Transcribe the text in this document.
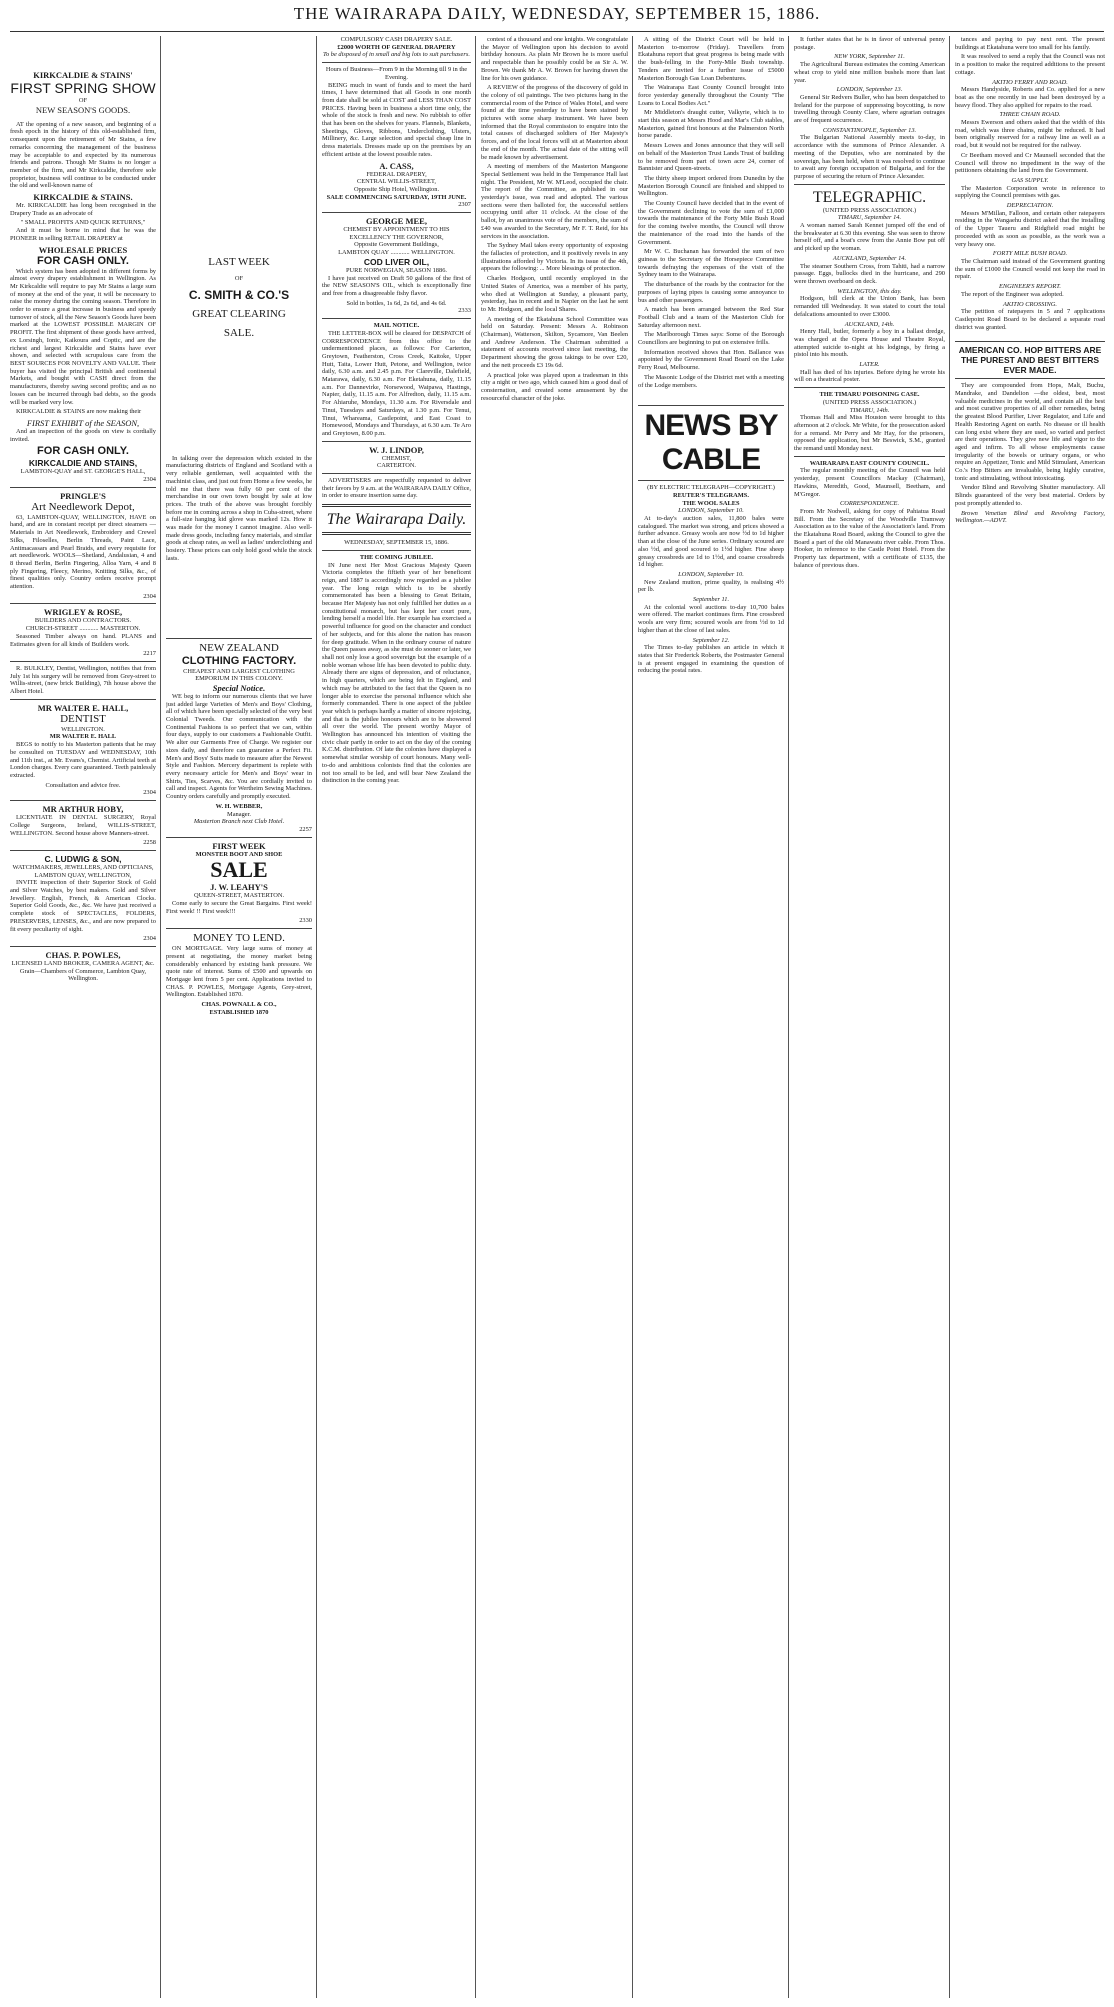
THE WAIRARAPA DAILY, WEDNESDAY, SEPTEMBER 15, 1886.
KIRKCALDIE & STAINS'
FIRST SPRING SHOW
OF
NEW SEASON'S GOODS.

AT the opening of a new season, and beginning of a fresh epoch in the history of this old-established firm, consequent upon the retirement of Mr Stains, a few remarks concerning the management of the business may be acceptable to and expected by its numerous friends and patrons. Though Mr Stains is no longer a member of the firm, and Mr Kirkcaldie, therefore sole proprietor, business will continue to be conducted under the old and well-known name of

KIRKCALDIE & STAINS.

Mr. KIRKCALDIE has long been recognised in the Drapery Trade as an advocate of

" SMALL PROFITS AND QUICK RETURNS,"

And it must be borne in mind that he was the PIONEER in selling RETAIL DRAPERY at

WHOLESALE PRICES
FOR CASH ONLY.

Which system has been adopted in different forms by almost every drapery establishment in Wellington. As Mr Kirkcaldie will require to pay Mr Stains a large sum of money at the end of the year, it will be necessary to raise the money during the coming season. Therefore in order to ensure a great increase in business and speedy turnover of stock, all the New Season's Goods have been marked at the LOWEST POSSIBLE MARGIN OF PROFIT. The first shipment of these goods have arrived, ex Lorsingh, Ionic, Kaikoura and Coptic, and are the richest and largest Kirkcaldie and Stains have ever shown, and selected with scrupulous care from the BEST SOURCES FOR NOVELTY AND VALUE. Their buyer has visited the principal British and continental Markets, and bought with CASH direct from the manufacturers, thereby saving second profits; and as no losses can be incurred through bad debts, so the goods will be marked very low.

KIRKCALDIE & STAINS are now making their

FIRST EXHIBIT of the SEASON,

And an inspection of the goods on view is cordially invited.

FOR CASH ONLY.
KIRKCALDIE AND STAINS,
LAMBTON-QUAY and ST. GEORGE'S HALL,
2304
PRINGLE'S
Art Needlework Depot,

63, LAMBTON-QUAY, WELLINGTON, HAVE on hand, and are in constant receipt per direct steamers — Materials in Art Needlework, Embroidery and Crewel Silks, Filoselles, Berlin Threads, Paint Lace, Antimacassars and Pearl Braids, and every requisite for art needlework. WOOLS—Shetland, Andalusian, 4 and 8 thread Berlin, Berlin Fingering, Alloa Yarn, 4 and 8 ply Fingering, Fleecy, Merino, Knitting Silks, &c., of finest qualities only. Country orders receive prompt attention.

2304
WRIGLEY & ROSE,
BUILDERS AND CONTRACTORS.
CHURCH-STREET ............ MASTERTON.

Seasoned Timber always on hand. PLANS and Estimates given for all kinds of Builders work.

2217

R. BULKLEY, Dentist, Wellington, notifies that from July 1st his surgery will be removed from Grey-street to Willis-street, (new brick Building), 7th house above the Albert Hotel.

MR WALTER E. HALL,
DENTIST
WELLINGTON.
MR WALTER E. HALL

BEGS to notify to his Masterton patients that he may be consulted on TUESDAY and WEDNESDAY, 10th and 11th inst., at Mr. Evans's, Chemist. Artificial teeth at London charges. Every care guaranteed. Teeth painlessly extracted.

Consultation and advice free.
2304
MR ARTHUR HOBY,

LICENTIATE IN DENTAL SURGERY, Royal College Surgeons, Ireland, WILLIS-STREET, WELLINGTON. Second house above Manners-street.

2258
C. LUDWIG & SON,
WATCHMAKERS, JEWELLERS, AND OPTICIANS,
LAMBTON QUAY, WELLINGTON,

INVITE inspection of their Superior Stock of Gold and Silver Watches, by best makers. Gold and Silver Jewellery. English, French, & American Clocks. Superior Gold Goods, &c., &c. We have just received a complete stock of SPECTACLES, FOLDERS, PRESERVERS, LENSES, &c., and are now prepared to fit every peculiarity of sight.

2304
CHAS. P. POWLES,
LICENSED LAND BROKER, CAMERA AGENT, &c.
Grain—Chambers of Commerce, Lambton Quay, Wellington.
LAST WEEK
OF
C. SMITH & CO.'S
GREAT CLEARING
SALE.

In talking over the depression which existed in the manufacturing districts of England and Scotland with a very reliable gentleman, well acquainted with the machinist class, and just out from Home a few weeks, he told me that there was fully 60 per cent of the merchandise in our own town bought by sale at low prices. The truth of the above was brought forcibly before me in coming across a shop in Cuba-street, where a full-size hanging kid glove was marked 12s. How it was made for the money I cannot imagine. Also well-made dress goods, including fancy materials, and similar goods at cheap rates, as well as ladies' underclothing and hosiery. These prices can only hold good while the stock lasts.

NEW ZEALAND
CLOTHING FACTORY.
CHEAPEST AND LARGEST CLOTHING EMPORIUM IN THIS COLONY.
Special Notice.

WE beg to inform our numerous clients that we have just added large Varieties of Men's and Boys' Clothing, all of which have been specially selected of the very best Colonial Tweeds. Our communication with the Continental Fashions is so perfect that we can, within four days, supply to our customers a Fashionable Outfit. We alter our Garments Free of Charge. We register our sizes daily, and therefore can guarantee a Perfect Fit. Men's and Boys' Suits made to measure after the Newest Style and Fashion. Mercery department is replete with every necessary article for Men's and Boys' wear in Shirts, Ties, Scarves, &c. You are cordially invited to call and inspect. Agents for Wertheim Sewing Machines. Country orders carefully and promptly executed.

W. H. WEBBER,
Manager.
Masterton Branch next Club Hotel.
2257
FIRST WEEK
MONSTER BOOT AND SHOE
SALE
J. W. LEAHY'S
QUEEN-STREET, MASTERTON.

Come early to secure the Great Bargains. First week! First week! !! First week!!!

2330
MONEY TO LEND.

ON MORTGAGE. Very large sums of money at present at negotiating, the money market being considerably enhanced by existing bank pressure. We quote rate of interest. Sums of £500 and upwards on Mortgage lent from 5 per cent. Applications invited to CHAS. P. POWLES, Mortgage Agents, Grey-street, Wellington. Established 1870.

CHAS. POWNALL & CO.,
ESTABLISHED 1870
COMPULSORY CASH DRAPERY SALE.
£2000 WORTH OF GENERAL DRAPERY
To be disposed of in small and big lots to suit purchasers.
Hours of Business—From 9 in the Morning till 9 in the Evening.

BEING much in want of funds and to meet the hard times, I have determined that all Goods in one month from date shall be sold at COST and LESS THAN COST PRICES. Having been in business a short time only, the whole of the stock is fresh and new. No rubbish to offer that has been on the shelves for years. Flannels, Blankets, Sheetings, Gloves, Ribbons, Underclothing, Ulsters, Millinery, &c. Large selection and special cheap line in dress materials. Dresses made up on the premises by an efficient artiste at the lowest possible rates.

A. CASS,
FEDERAL DRAPERY,
CENTRAL WILLIS-STREET,
Opposite Ship Hotel, Wellington.
SALE COMMENCING SATURDAY, 19TH JUNE.
2307
GEORGE MEE,
CHEMIST BY APPOINTMENT TO HIS EXCELLENCY THE GOVERNOR,
Opposite Government Buildings,
LAMBTON QUAY ............ WELLINGTON.
COD LIVER OIL,
PURE NORWEGIAN, SEASON 1886.

I have just received on Draft 50 gallons of the first of the NEW SEASON'S OIL, which is exceptionally fine and free from a disagreeable fishy flavor.

Sold in bottles, 1s 6d, 2s 6d, and 4s 6d.
2333
MAIL NOTICE.

THE LETTER-BOX will be cleared for DESPATCH of CORRESPONDENCE from this office to the undermentioned places, as follows: For Carterton, Greytown, Featherston, Cross Creek, Kaitoke, Upper Hutt, Taita, Lower Hutt, Petone, and Wellington, twice daily, 6.30 a.m. and 2.45 p.m. For Clareville, Dalefield, Matarawa, daily, 6.30 a.m. For Eketahuna, daily, 11.15 a.m. For Dannevirke, Norsewood, Waipawa, Hastings, Napier, daily, 11.15 a.m. For Alfredton, daily, 11.15 a.m. For Ahiaruhe, Mondays, 11.30 a.m. For Riversdale and Tinui, Tuesdays and Saturdays, at 1.30 p.m. For Tenui, Tinui, Whareama, Castlepoint, and East Coast to Homewood, Mondays and Thursdays, at 6.30 a.m. Te Aro and Greytown, 8.00 p.m.

W. J. LINDOP,
CHEMIST,
CARTERTON.

ADVERTISERS are respectfully requested to deliver their favors by 9 a.m. at the WAIRARAPA DAILY Office, in order to ensure insertion same day.

The Wairarapa Daily.
WEDNESDAY, SEPTEMBER 15, 1886.
THE COMING JUBILEE.

IN June next Her Most Gracious Majesty Queen Victoria completes the fiftieth year of her beneficent reign, and 1887 is accordingly now regarded as a jubilee year. The long reign which is to be shortly commemorated has been a blessing to Great Britain, because Her Majesty has not only fulfilled her duties as a constitutional monarch, but has kept her court pure, lending herself a model life. Her example has exercised a powerful influence for good on the character and conduct of her subjects, and for this alone the nation has reason for deep gratitude. When in the ordinary course of nature the Queen passes away, as she must do sooner or later, we shall not only lose a good sovereign but the example of a noble woman whose life has been devoted to public duty. Already there are signs of depression, and of reluctance, in high quarters, which are being felt in England, and which may be attributed to the fact that the Queen is no longer able to exercise the personal influence which she formerly commanded. There is one aspect of the jubilee year which is perhaps hardly a matter of sincere rejoicing, and that is the jubilee honours which are to be showered all over the world. The present worthy Mayor of Wellington has announced his intention of visiting the civic chair partly in order to act on the day of the coming K.C.M. distribution. Of late the colonies have displayed a somewhat similar worship of court honours. Many well-to-do and ambitious colonists find that the colonies are not too small to be led, and will bear New Zealand the distinction in the coming year.

contest of a thousand and one knights. We congratulate the Mayor of Wellington upon his decision to avoid birthday honours. As plain Mr Brown he is more useful and respectable than he possibly could be as Sir A. W. Brown. We thank Mr A. W. Brown for having drawn the line for his own guidance.

A REVIEW of the progress of the discovery of gold in the colony of oil paintings. The two pictures hang in the commercial room of the Prince of Wales Hotel, and were found at the time yesterday to have been stained by pictures with some sharp instrument. We have been informed that the Royal commission to enquire into the total causes of discharged soldiers of Her Majesty's forces, and of the local forces will sit at Masterton about the end of the month. The actual date of the sitting will be made known by advertisement.

A meeting of members of the Masterton Mangaone Special Settlement was held in the Temperance Hall last night. The President, Mr W. M'Leod, occupied the chair. The report of the Committee, as published in our yesterday's issue, was read and adopted. The various sections were then balloted for, the successful settlers occupying until after 11 o'clock. At the close of the ballot, by an unanimous vote of the members, the sum of £40 was awarded to the Secretary, Mr F. T. Reid, for his services in the association.

The Sydney Mail takes every opportunity of exposing the fallacies of protection, and it positively revels in any illustrations afforded by Victoria. In its issue of the 4th, appears the following: ... More blessings of protection.

Charles Hodgson, until recently employed in the United States of America, was a member of his party, who died at Wellington at Sunday, a pleasant party, yesterday, has in recent and in Napier on the last he sent to Mr. Hodgson, and the local Shares.

A meeting of the Ekatahuna School Committee was held on Saturday. Present: Messrs A. Robinson (Chairman), Watterson, Skilton, Sycamore, Van Beelen and Andrew Anderson. The Chairman submitted a statement of accounts received since last meeting, the Department showing the gross takings to be over £20, and the nett proceeds £3 19s 6d.

A practical joke was played upon a tradesman in this city a night or two ago, which caused him a good deal of consternation, and created some amusement by the resourceful character of the joke.

A sitting of the District Court will be held in Masterton to-morrow (Friday). Travellers from Ekatahuna report that great progress is being made with the bush-felling in the Forty-Mile Bush township. Tenders are invited for a further issue of £5000 Masterton Borough Gas Loan Debentures.

The Wairarapa East County Council brought into force yesterday generally throughout the County "The Loans to Local Bodies Act."

Mr Middleton's draught cutter, Valkyrie, which is to start this season at Messrs Hood and Mar's Club stables, Masterton, gained first honours at the Palmerston North horse parade.

Messrs Lowes and Jones announce that they will sell on behalf of the Masterton Trust Lands Trust of building to be removed from part of town acre 24, corner of Bannister and Queen-streets.

The thirty sheep import ordered from Dunedin by the Masterton Borough Council are finished and shipped to Wellington.

The County Council have decided that in the event of the Government declining to vote the sum of £1,000 towards the maintenance of the Forty Mile Bush Road for the coming twelve months, the Council will throw the maintenance of the road into the hands of the Government.

Mr W. C. Buchanan has forwarded the sum of two guineas to the Secretary of the Horsepiece Committee towards defraying the expenses of the visit of the Sydney team to the Wairarapa.

The disturbance of the roads by the contractor for the purposes of laying pipes is causing some annoyance to bus and other passengers.

A match has been arranged between the Red Star Football Club and a team of the Masterton Club for Saturday afternoon next.

The Marlborough Times says: Some of the Borough Councillors are beginning to put on extensive frills.

Information received shows that Hon. Ballance was appointed by the Government Road Board on the Lake Ferry Road, Melbourne.

The Masonic Lodge of the District met with a meeting of the Lodge members.

NEWS BY CABLE
(BY ELECTRIC TELEGRAPH—COPYRIGHT.)
REUTER'S TELEGRAMS.
THE WOOL SALES
LONDON, September 10.

At to-day's auction sales, 11,800 bales were catalogued. The market was strong, and prices showed a further advance. Greasy wools are now ½d to 1d higher than at the close of the June series. Ordinary scoured are also ½d, and good scoured to 1½d higher. Fine sheep greasy crossbreds are 1d to 1½d, and coarse crossbreds 1d higher.

LONDON, September 10.

New Zealand mutton, prime quality, is realising 4½ per lb.

September 11.

At the colonial wool auctions to-day 10,700 bales were offered. The market continues firm. Fine crossbred wools are very firm; scoured wools are from ½d to 1d higher than at the close of last sales.

September 12.

The Times to-day publishes an article in which it states that Sir Frederick Roberts, the Postmaster General is at present engaged in examining the question of reducing the postal rates.

It further states that he is in favor of universal penny postage.

NEW YORK, September 11.

The Agricultural Bureau estimates the coming American wheat crop to yield nine million bushels more than last year.

LONDON, September 13.

General Sir Redvers Buller, who has been despatched to Ireland for the purpose of suppressing boycotting, is now travelling through County Clare, where agrarian outrages are of frequent occurrence.

CONSTANTINOPLE, September 13.

The Bulgarian National Assembly meets to-day, in accordance with the summons of Prince Alexander. A meeting of the Deputies, who are nominated by the sovereign, has been held, when it was resolved to continue to await any foreign occupation of Bulgaria, and for the purpose of securing the return of Prince Alexander.

TELEGRAPHIC.
(UNITED PRESS ASSOCIATION.)
TIMARU, September 14.

A woman named Sarah Kennet jumped off the end of the breakwater at 6.30 this evening. She was seen to throw herself off, and a boat's crew from the Annie Bow put off and picked up the woman.

AUCKLAND, September 14.

The steamer Southern Cross, from Tahiti, had a narrow passage. Eggs, bullocks died in the hurricane, and 290 were thrown overboard on deck.

WELLINGTON, this day.

Hodgson, bill clerk at the Union Bank, has been remanded till Wednesday. It was stated to court the total defalcations amounted to over £3000.

AUCKLAND, 14th.

Henry Hall, butler, formerly a boy in a ballast dredge, was charged at the Opera House and Theatre Royal, attempted suicide to-night at his lodgings, by firing a pistol into his mouth.

LATER.

Hall has died of his injuries. Before dying he wrote his will on a theatrical poster.

THE TIMARU POISONING CASE.
(UNITED PRESS ASSOCIATION.)
TIMARU, 14th.

Thomas Hall and Miss Houston were brought to this afternoon at 2 o'clock. Mr White, for the prosecution asked for a remand. Mr Perry and Mr Hay, for the prisoners, opposed the application, but Mr Beswick, S.M., granted the remand until Monday next.

WAIRARAPA EAST COUNTY COUNCIL.

The regular monthly meeting of the Council was held yesterday, present Councillors Mackay (Chairman), Hawkins, Meredith, Good, Maunsell, Beetham, and M'Gregor.

CORRESPONDENCE.

From Mr Nodwell, asking for copy of Pahiatua Road Bill. From the Secretary of the Woodville Tramway Association as to the value of the Association's land. From the Ekatahuna Road Board, asking the Council to give the Board a part of the old Manawatu river cable. From Thos. Hooker, in reference to the Castle Point Hotel. From the Property tax department, with a certificate of £135, the balance of previous dues.

tances and paying to pay next rent. The present buildings at Ekatahuna were too small for his family.

It was resolved to send a reply that the Council was not in a position to make the required additions to the present cottage.

AKITIO FERRY AND ROAD.

Messrs Handyside, Roberts and Co. applied for a new boat as the one recently in use had been destroyed by a heavy flood. They also applied for repairs to the road.

THREE CHAIN ROAD.

Messrs Ewerson and others asked that the width of this road, which was three chains, might be reduced. It had been originally reserved for a railway line as well as a road, but it would not be required for the railway.

Cr Beetham moved and Cr Maunsell seconded that the Council will throw no impediment in the way of the petitioners obtaining the land from the Government.

GAS SUPPLY.

The Masterton Corporation wrote in reference to supplying the Council premises with gas.

DEPRECIATION.

Messrs M'Millan, Falloon, and certain other ratepayers residing in the Wangaehu district asked that the installing of the Upper Taueru and Ridgfield road might be proceeded with as soon as possible, as the work was a very heavy one.

FORTY MILE BUSH ROAD.

The Chairman said instead of the Government granting the sum of £1000 the Council would not keep the road in repair.

ENGINEER'S REPORT.

The report of the Engineer was adopted.

AKITIO CROSSING.

The petition of ratepayers in 5 and 7 applications Castlepoint Road Board to be declared a separate road district was granted.

AMERICAN CO. HOP BITTERS ARE THE PUREST AND BEST BITTERS EVER MADE.

They are compounded from Hops, Malt, Buchu, Mandrake, and Dandelion —the oldest, best, most valuable medicines in the world, and contain all the best and most curative properties of all other remedies, being the greatest Blood Purifier, Liver Regulator, and Life and Health Restoring Agent on earth. No disease or ill health can long exist where they are used, so varied and perfect are their operations. They give new life and vigor to the aged and infirm. To all whose employments cause irregularity of the bowels or urinary organs, or who require an Appetizer, Tonic and Mild Stimulant, American Co.'s Hop Bitters are invaluable, being highly curative, tonic and stimulating, without intoxicating.

Vendor Blind and Revolving Shutter manufactory. All Blinds guaranteed of the very best material. Orders by post promptly attended to.

Brown Venetian Blind and Revolving Factory, Wellington.—ADVT.
